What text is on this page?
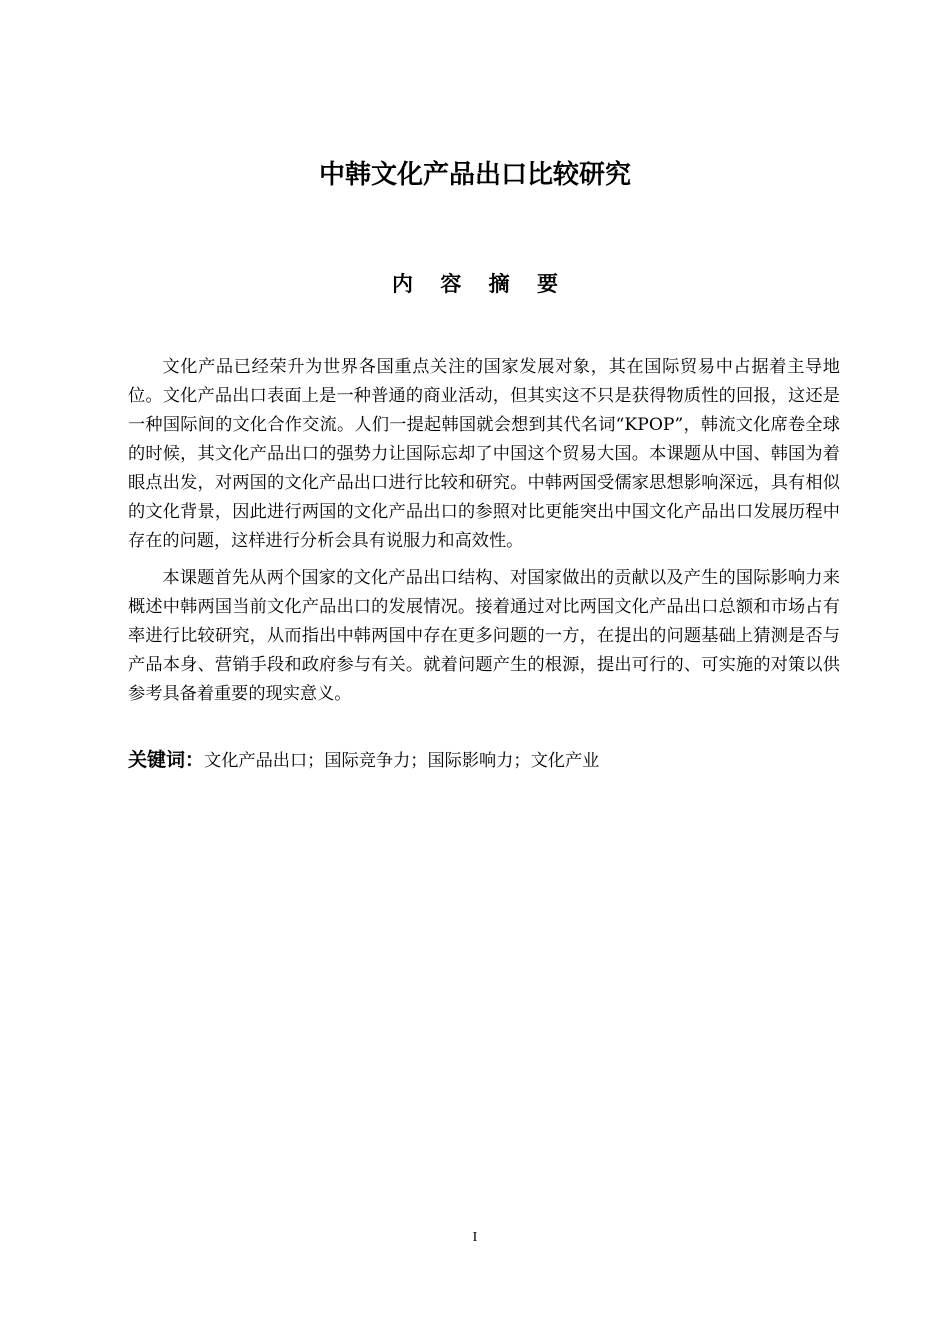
中韩文化产品出口比较研究
内 容 摘 要

文化产品已经荣升为世界各国重点关注的国家发展对象，其在国际贸易中占据着主导地位。文化产品出口表面上是一种普通的商业活动，但其实这不只是获得物质性的回报，这还是一种国际间的文化合作交流。人们一提起韩国就会想到其代名词“KPOP”，韩流文化席卷全球的时候，其文化产品出口的强势力让国际忘却了中国这个贸易大国。本课题从中国、韩国为着眼点出发，对两国的文化产品出口进行比较和研究。中韩两国受儒家思想影响深远，具有相似的文化背景，因此进行两国的文化产品出口的参照对比更能突出中国文化产品出口发展历程中存在的问题，这样进行分析会具有说服力和高效性。

本课题首先从两个国家的文化产品出口结构、对国家做出的贡献以及产生的国际影响力来概述中韩两国当前文化产品出口的发展情况。接着通过对比两国文化产品出口总额和市场占有率进行比较研究，从而指出中韩两国中存在更多问题的一方，在提出的问题基础上猜测是否与产品本身、营销手段和政府参与有关。就着问题产生的根源，提出可行的、可实施的对策以供参考具备着重要的现实意义。

关键词：文化产品出口；国际竞争力；国际影响力；文化产业
I
